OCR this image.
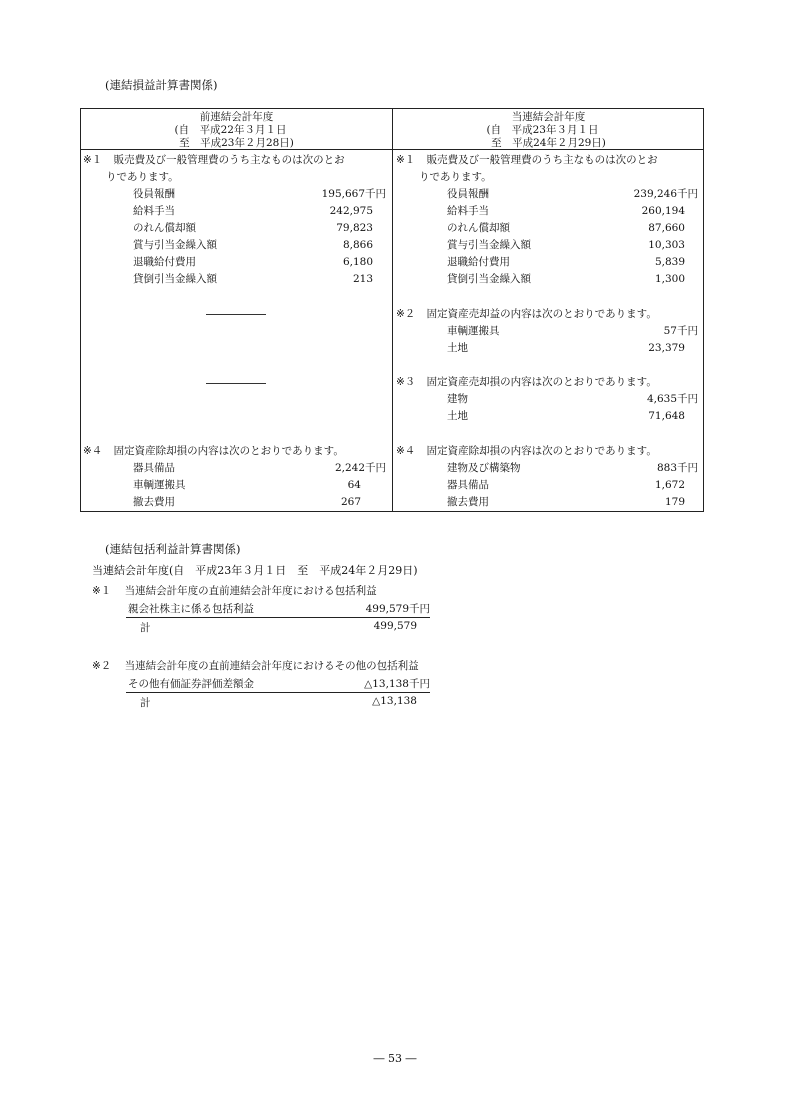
(連結損益計算書関係)
前連結会計年度
(自　平成22年３月１日
至　平成23年２月28日)
当連結会計年度
(自　平成23年３月１日
至　平成24年２月29日)
※１ 販売費及び一般管理費のうち主なものは次のとお
りであります。
役員報酬	195,667千円
給料手当	242,975
のれん償却額	79,823
賞与引当金繰入額	8,866
退職給付費用	6,180
貸倒引当金繰入額	213
※４ 固定資産除却損の内容は次のとおりであります。
器具備品	2,242千円
車輌運搬具	64
撤去費用	267
※１ 販売費及び一般管理費のうち主なものは次のとお
りであります。
役員報酬	239,246千円
給料手当	260,194
のれん償却額	87,660
賞与引当金繰入額	10,303
退職給付費用	5,839
貸倒引当金繰入額	1,300
※２ 固定資産売却益の内容は次のとおりであります。
車輌運搬具	57千円
土地	23,379
※３ 固定資産売却損の内容は次のとおりであります。
建物	4,635千円
土地	71,648
※４ 固定資産除却損の内容は次のとおりであります。
建物及び構築物	883千円
器具備品	1,672
撤去費用	179
(連結包括利益計算書関係)
当連結会計年度(自　平成23年３月１日　至　平成24年２月29日)
※１ 当連結会計年度の直前連結会計年度における包括利益
親会社株主に係る包括利益	499,579千円
計	499,579
※２ 当連結会計年度の直前連結会計年度におけるその他の包括利益
その他有価証券評価差額金	△13,138千円
計	△13,138
― 53 ―
